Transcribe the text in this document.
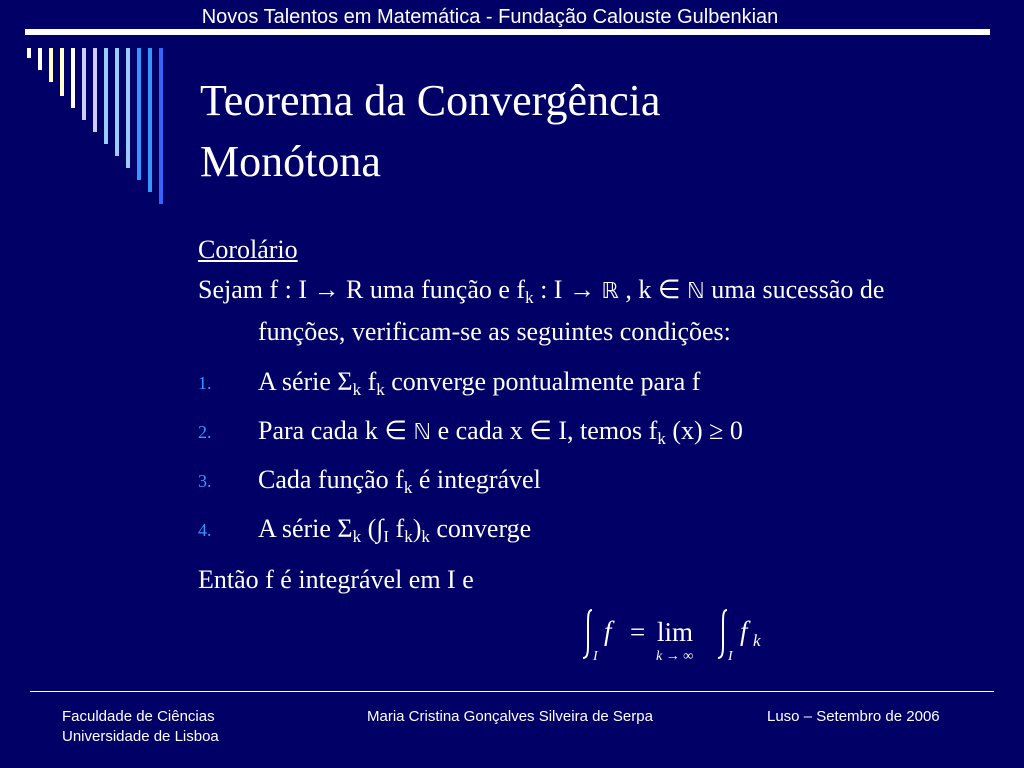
Novos Talentos em Matemática - Fundação Calouste Gulbenkian
Teorema da Convergência
Monótona
Corolário
Sejam f : I → R uma função e $f_k$ : I → ℝ , k ∈ ℕ uma sucessão de funções, verificam-se as seguintes condições:
1. A série $\Sigma_k$ $f_k$ converge pontualmente para f
2. Para cada k ∈ ℕ e cada x ∈ I, temos $f_k$ (x) ≥ 0
3. Cada função $f_k$ é integrável
4. A série $\Sigma_k$ ($\int_I$ $f_k)_k$ converge
Então f é integrável em I e
I
f = lim
k → ∞ I
f k
Faculdade de Ciências
Universidade de Lisboa
Maria Cristina Gonçalves Silveira de Serpa	Luso – Setembro de 2006
